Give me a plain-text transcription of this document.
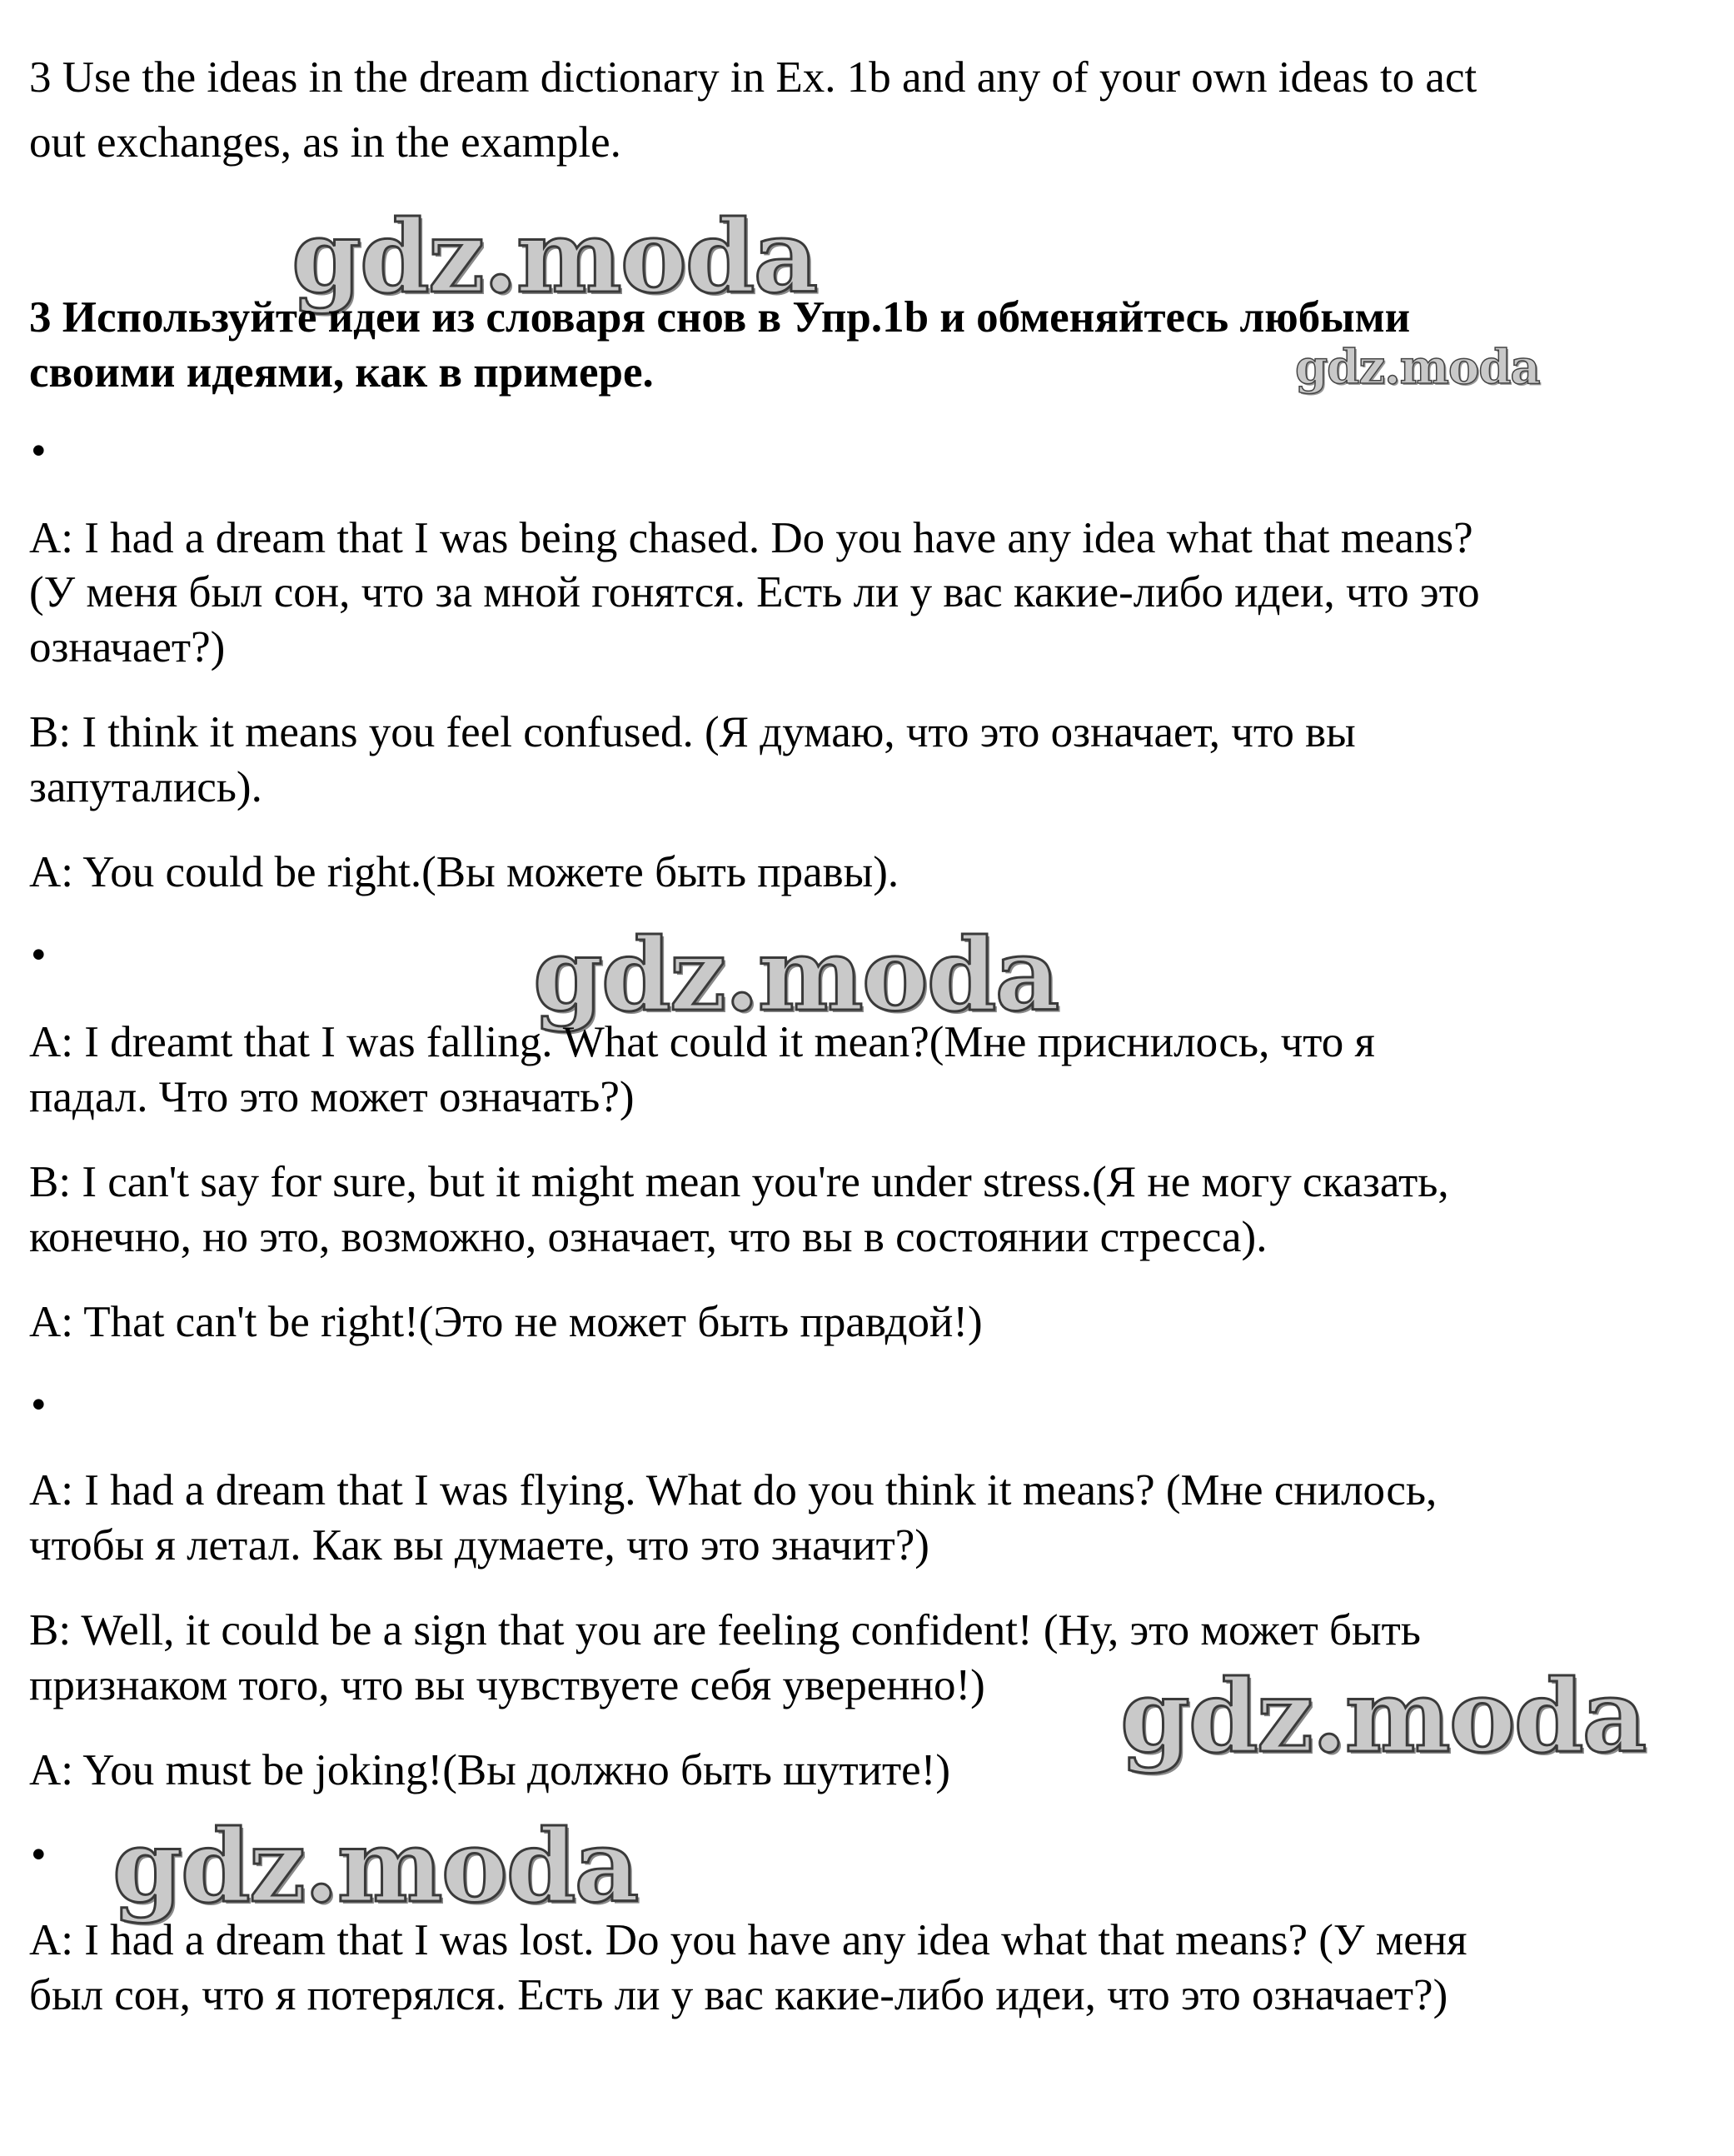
3 Use the ideas in the dream dictionary in Ex. 1b and any of your own ideas to act
out exchanges, as in the example.
gdz.moda
3 Используйте идеи из словаря снов в Упр.1b и обменяйтесь любыми
своими идеями, как в примере.	gdz.moda
•
A: I had a dream that I was being chased. Do you have any idea what that means?
(У меня был сон, что за мной гонятся. Есть ли у вас какие-либо идеи, что это
означает?)
B: I think it means you feel confused. (Я думаю, что это означает, что вы
запутались).
A: You could be right.(Вы можете быть правы).
•	gdz.moda
A: I dreamt that I was falling. What could it mean?(Мне приснилось, что я
падал. Что это может означать?)
B: I can't say for sure, but it might mean you're under stress.(Я не могу сказать,
конечно, но это, возможно, означает, что вы в состоянии стресса).
A: That can't be right!(Это не может быть правдой!)
•
A: I had a dream that I was flying. What do you think it means? (Мне снилось,
чтобы я летал. Как вы думаете, что это значит?)
B: Well, it could be a sign that you are feeling confident! (Ну, это может быть
признаком того, что вы чувствуете себя уверенно!) gdz.moda
A: You must be joking!(Вы должно быть шутите!)
• gdz.moda
A: I had a dream that I was lost. Do you have any idea what that means? (У меня
был сон, что я потерялся. Есть ли у вас какие-либо идеи, что это означает?)
